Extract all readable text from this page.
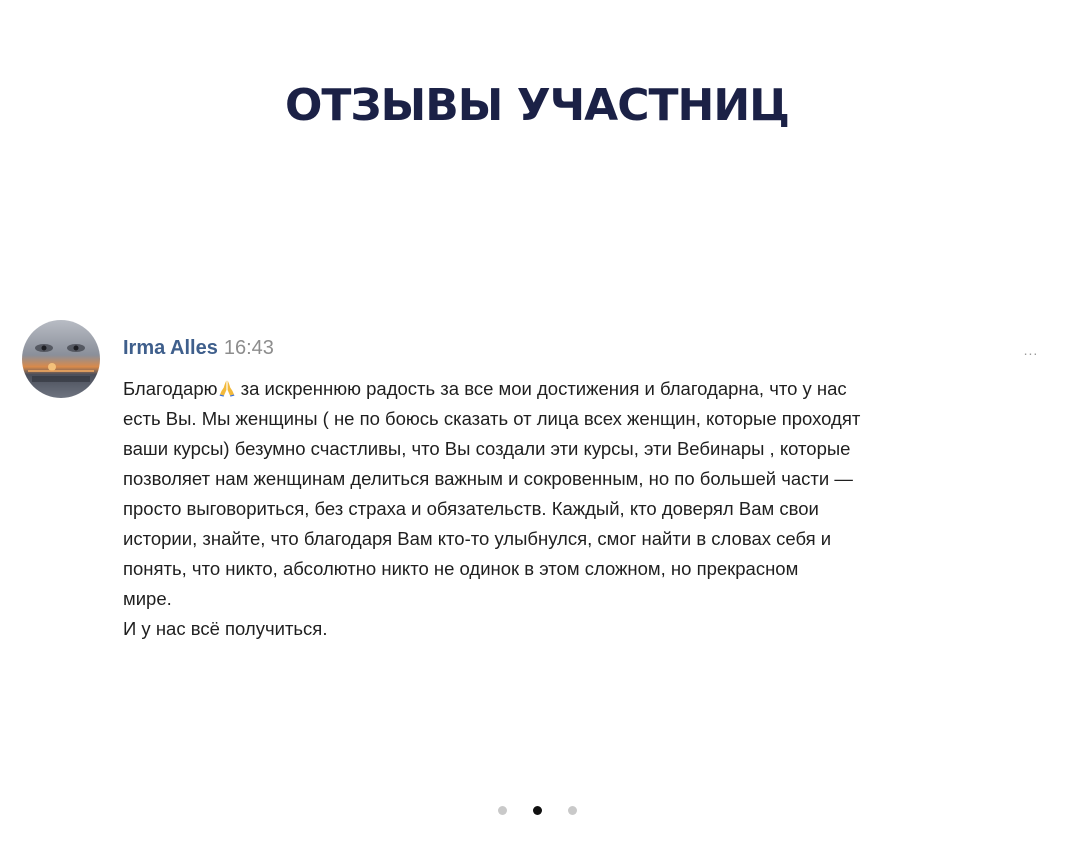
ОТЗЫВЫ УЧАСТНИЦ
Irma Alles 16:43	...
Благодарю за искреннюю радость за все мои достижения и благодарна, что у нас
есть Вы. Мы женщины ( не по боюсь сказать от лица всех женщин, которые проходят
ваши курсы) безумно счастливы, что Вы создали эти курсы, эти Вебинары , которые
позволяет нам женщинам делиться важным и сокровенным, но по большей части —
просто выговориться, без страха и обязательств. Каждый, кто доверял Вам свои
истории, знайте, что благодаря Вам кто-то улыбнулся, смог найти в словах себя и
понять, что никто, абсолютно никто не одинок в этом сложном, но прекрасном
мире.
И у нас всё получиться.
